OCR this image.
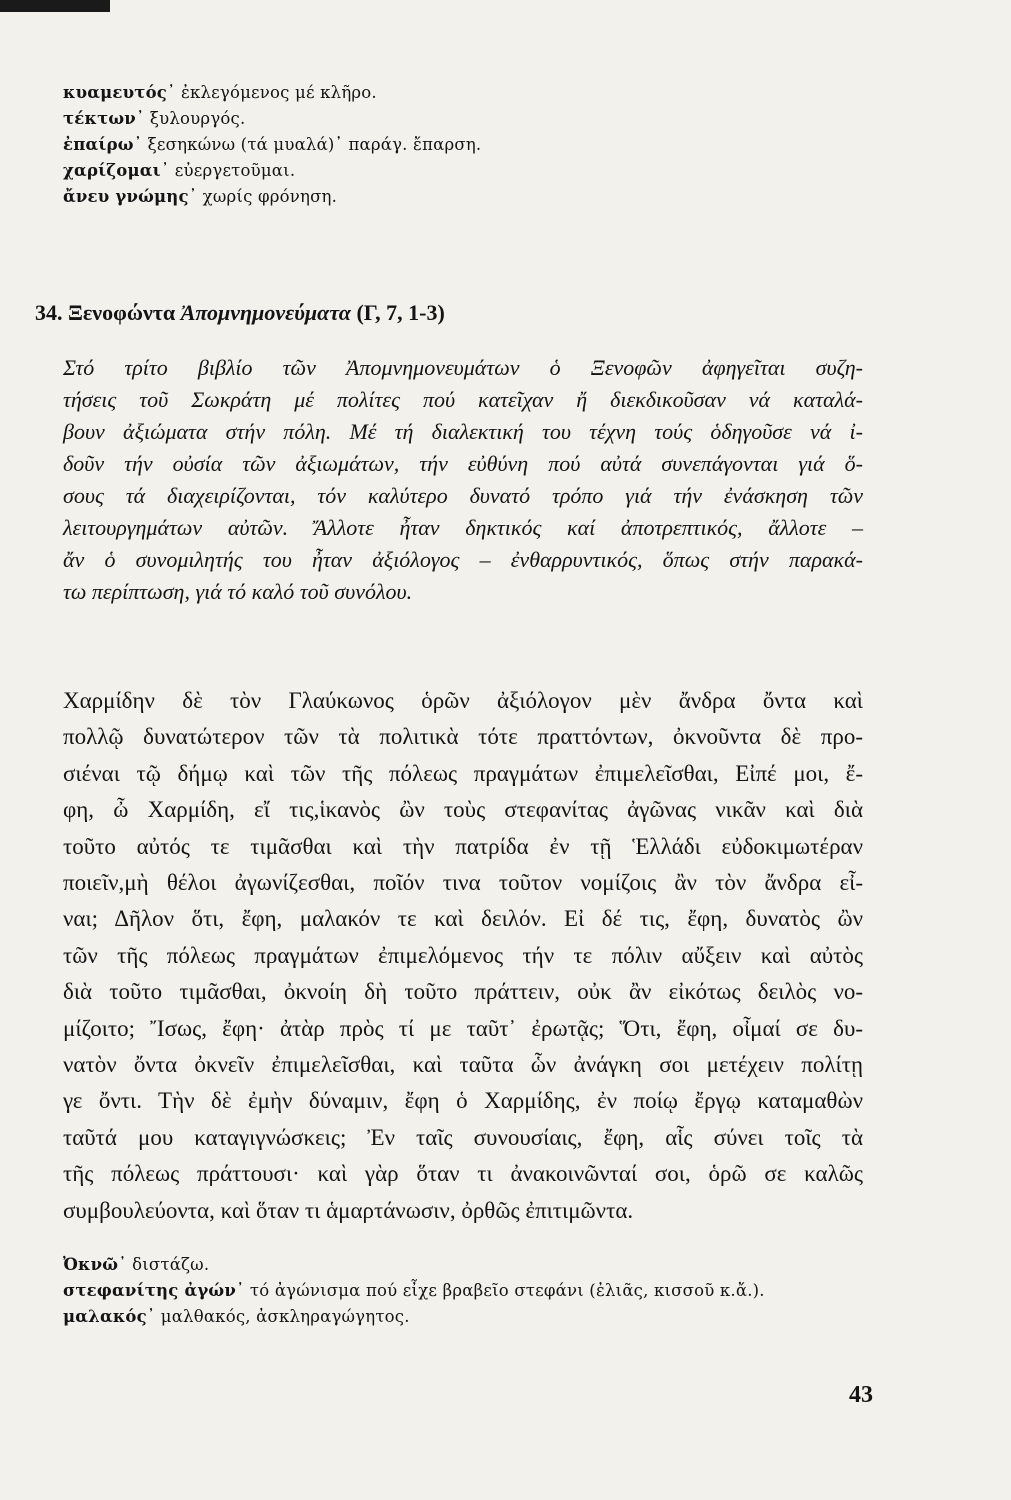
κυαμευτός᾿ ἐκλεγόμενος μέ κλῆρο.
τέκτων᾿ ξυλουργός.
ἐπαίρω᾿ ξεσηκώνω (τά μυαλά)᾿ παράγ. ἔπαρση.
χαρίζομαι᾿ εὐεργετοῦμαι.
ἄνευ γνώμης᾿ χωρίς φρόνηση.
34. Ξενοφώντα Ἀπομνημονεύματα (Γ, 7, 1-3)
Στό τρίτο βιβλίο τῶν Ἀπομνημονευμάτων ὁ Ξενοφῶν ἀφηγεῖται συζη-
τήσεις τοῦ Σωκράτη μέ πολίτες πού κατεῖχαν ἤ διεκδικοῦσαν νά καταλά-
βουν ἀξιώματα στήν πόλη. Μέ τή διαλεκτική του τέχνη τούς ὁδηγοῦσε νά ἰ-
δοῦν τήν οὐσία τῶν ἀξιωμάτων, τήν εὐθύνη πού αὐτά συνεπάγονται γιά ὅ-
σους τά διαχειρίζονται, τόν καλύτερο δυνατό τρόπο γιά τήν ἐνάσκηση τῶν
λειτουργημάτων αὐτῶν. Ἄλλοτε ἦταν δηκτικός καί ἀποτρεπτικός, ἄλλοτε –
ἄν ὁ συνομιλητής του ἦταν ἀξιόλογος – ἐνθαρρυντικός, ὅπως στήν παρακά-
τω περίπτωση, γιά τό καλό τοῦ συνόλου.
Χαρμίδην δὲ τὸν Γλαύκωνος ὁρῶν ἀξιόλογον μὲν ἄνδρα ὄντα καὶ
πολλῷ δυνατώτερον τῶν τὰ πολιτικὰ τότε πραττόντων, ὀκνοῦντα δὲ προ-
σιέναι τῷ δήμῳ καὶ τῶν τῆς πόλεως πραγμάτων ἐπιμελεῖσθαι, Εἰπέ μοι, ἔ-
φη, ὦ Χαρμίδη, εἴ τις,ἱκανὸς ὢν τοὺς στεφανίτας ἀγῶνας νικᾶν καὶ διὰ
τοῦτο αὐτός τε τιμᾶσθαι καὶ τὴν πατρίδα ἐν τῇ Ἑλλάδι εὐδοκιμωτέραν
ποιεῖν,μὴ θέλοι ἀγωνίζεσθαι, ποῖόν τινα τοῦτον νομίζοις ἂν τὸν ἄνδρα εἶ-
ναι; Δῆλον ὅτι, ἔφη, μαλακόν τε καὶ δειλόν. Εἰ δέ τις, ἔφη, δυνατὸς ὢν
τῶν τῆς πόλεως πραγμάτων ἐπιμελόμενος τήν τε πόλιν αὔξειν καὶ αὐτὸς
διὰ τοῦτο τιμᾶσθαι, ὀκνοίη δὴ τοῦτο πράττειν, οὐκ ἂν εἰκότως δειλὸς νο-
μίζοιτο; Ἴσως, ἔφη· ἀτὰρ πρὸς τί με ταῦτ᾿ ἐρωτᾷς; Ὅτι, ἔφη, οἶμαί σε δυ-
νατὸν ὄντα ὀκνεῖν ἐπιμελεῖσθαι, καὶ ταῦτα ὧν ἀνάγκη σοι μετέχειν πολίτῃ
γε ὄντι. Τὴν δὲ ἐμὴν δύναμιν, ἔφη ὁ Χαρμίδης, ἐν ποίῳ ἔργῳ καταμαθὼν
ταῦτά μου καταγιγνώσκεις; Ἐν ταῖς συνουσίαις, ἔφη, αἷς σύνει τοῖς τὰ
τῆς πόλεως πράττουσι· καὶ γὰρ ὅταν τι ἀνακοινῶνταί σοι, ὁρῶ σε καλῶς
συμβουλεύοντα, καὶ ὅταν τι ἁμαρτάνωσιν, ὀρθῶς ἐπιτιμῶντα.
Ὀκνῶ᾿ διστάζω.
στεφανίτης ἀγών᾿ τό ἀγώνισμα πού εἶχε βραβεῖο στεφάνι (ἐλιᾶς, κισσοῦ κ.ἄ.).
μαλακός᾿ μαλθακός, ἀσκληραγώγητος.
43
